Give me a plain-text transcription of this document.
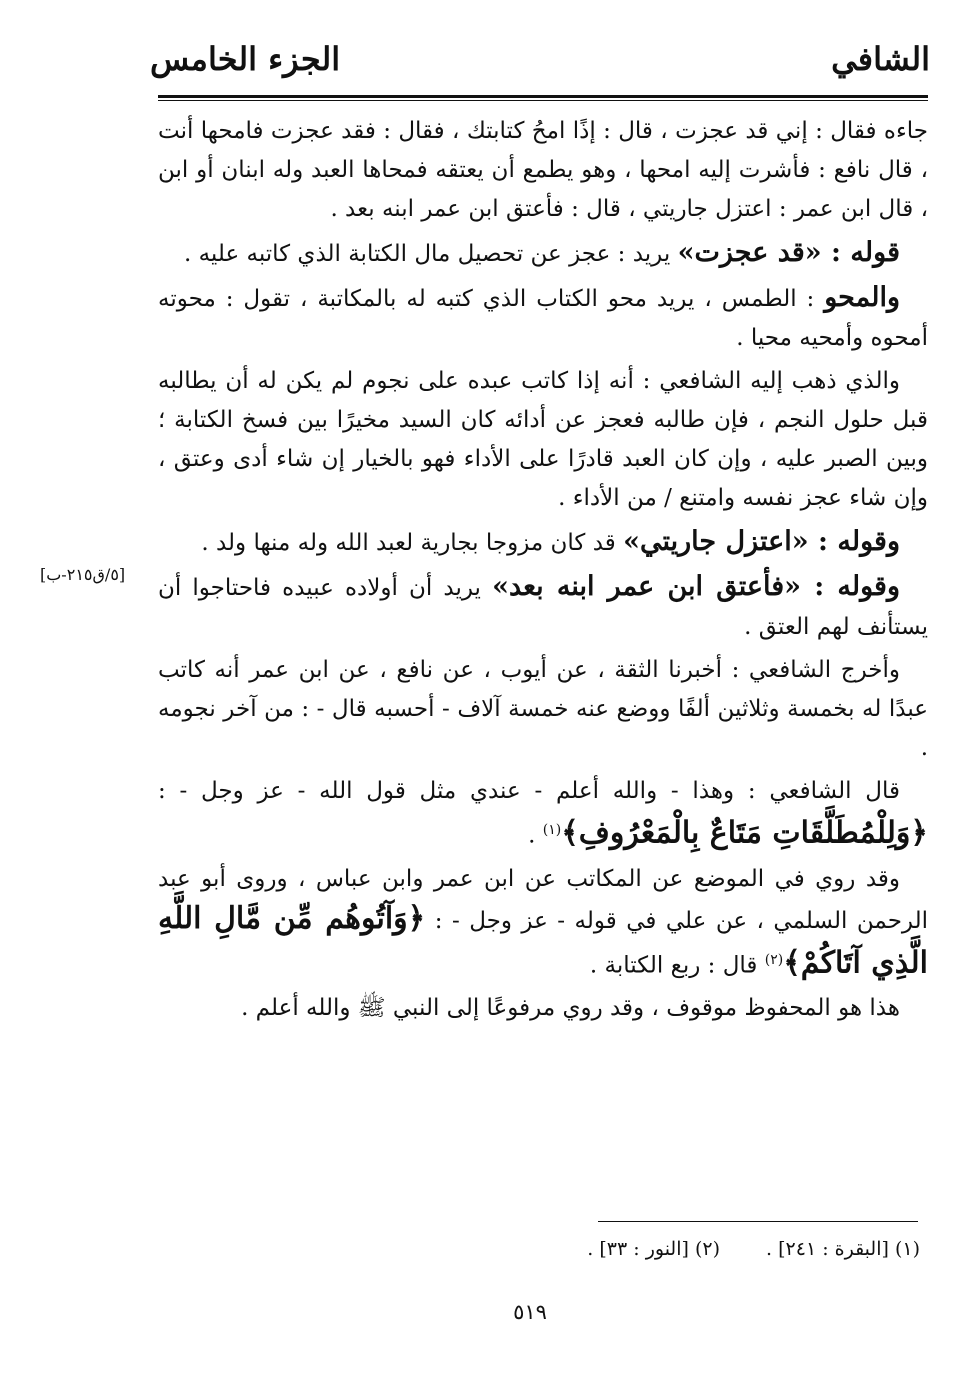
الشافي
الجزء الخامس
[٥/ق٢١٥-ب]

جاءه فقال : إني قد عجزت ، قال : إذًا امحُ كتابتك ، فقال : فقد عجزت فامحها أنت ، قال نافع : فأشرت إليه امحها ، وهو يطمع أن يعتقه فمحاها العبد وله ابنان أو ابن ، قال ابن عمر : اعتزل جاريتي ، قال : فأعتق ابن عمر ابنه بعد .

قوله : «قد عجزت» يريد : عجز عن تحصيل مال الكتابة الذي كاتبه عليه .

والمحو : الطمس ، يريد محو الكتاب الذي كتبه له بالمكاتبة ، تقول : محوته أمحوه وأمحيه محيا .

والذي ذهب إليه الشافعي : أنه إذا كاتب عبده على نجوم لم يكن له أن يطالبه قبل حلول النجم ، فإن طالبه فعجز عن أدائه كان السيد مخيرًا بين فسخ الكتابة ؛ وبين الصبر عليه ، وإن كان العبد قادرًا على الأداء فهو بالخيار إن شاء أدى وعتق ، وإن شاء عجز نفسه وامتنع / من الأداء .

وقوله : «اعتزل جاريتي» قد كان مزوجا بجارية لعبد الله وله منها ولد .

وقوله : «فأعتق ابن عمر ابنه بعد» يريد أن أولاده عبيده فاحتاجوا أن يستأنف لهم العتق .

وأخرج الشافعي : أخبرنا الثقة ، عن أيوب ، عن نافع ، عن ابن عمر أنه كاتب عبدًا له بخمسة وثلاثين ألفًا ووضع عنه خمسة آلاف - أحسبه قال - : من آخر نجومه .

قال الشافعي : وهذا - والله أعلم - عندي مثل قول الله - عز وجل - : ﴿وَلِلْمُطَلَّقَاتِ مَتَاعٌ بِالْمَعْرُوفِ﴾$^{(١)}$ .

وقد روي في الموضع عن المكاتب عن ابن عمر وابن عباس ، وروى أبو عبد الرحمن السلمي ، عن علي في قوله - عز وجل - : ﴿وَآتُوهُم مِّن مَّالِ اللَّهِ الَّذِي آتَاكُمْ﴾$^{(٢)}$ قال : ربع الكتابة .

هذا هو المحفوظ موقوف ، وقد روي مرفوعًا إلى النبي ﷺ والله أعلم .

(١) [البقرة : ٢٤١] .
(٢) [النور : ٣٣] .
٥١٩
